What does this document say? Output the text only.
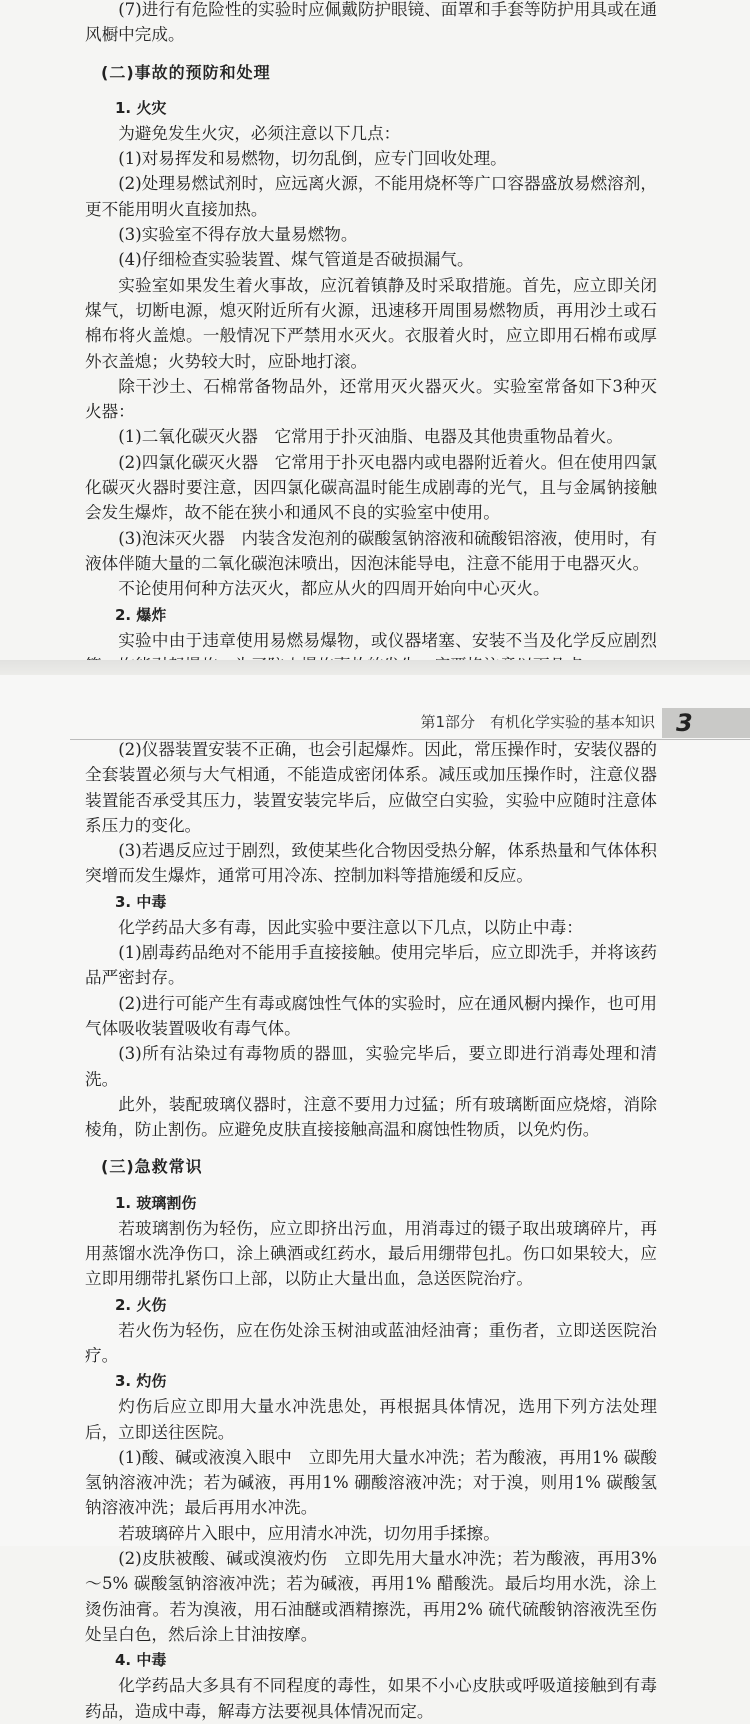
(7)进行有危险性的实验时应佩戴防护眼镜、面罩和手套等防护用具或在通风橱中完成。

(二)事故的预防和处理

1. 火灾

为避免发生火灾，必须注意以下几点：

(1)对易挥发和易燃物，切勿乱倒，应专门回收处理。

(2)处理易燃试剂时，应远离火源，不能用烧杯等广口容器盛放易燃溶剂，更不能用明火直接加热。

(3)实验室不得存放大量易燃物。

(4)仔细检查实验装置、煤气管道是否破损漏气。

实验室如果发生着火事故，应沉着镇静及时采取措施。首先，应立即关闭煤气，切断电源，熄灭附近所有火源，迅速移开周围易燃物质，再用沙土或石棉布将火盖熄。一般情况下严禁用水灭火。衣服着火时，应立即用石棉布或厚外衣盖熄；火势较大时，应卧地打滚。

除干沙土、石棉常备物品外，还常用灭火器灭火。实验室常备如下3种灭火器：

(1)二氧化碳灭火器　它常用于扑灭油脂、电器及其他贵重物品着火。

(2)四氯化碳灭火器　它常用于扑灭电器内或电器附近着火。但在使用四氯化碳灭火器时要注意，因四氯化碳高温时能生成剧毒的光气，且与金属钠接触会发生爆炸，故不能在狭小和通风不良的实验室中使用。

(3)泡沫灭火器　内装含发泡剂的碳酸氢钠溶液和硫酸铝溶液，使用时，有液体伴随大量的二氧化碳泡沫喷出，因泡沫能导电，注意不能用于电器灭火。

不论使用何种方法灭火，都应从火的四周开始向中心灭火。

2. 爆炸

实验中由于违章使用易燃易爆物，或仪器堵塞、安装不当及化学反应剧烈

第1部分　有机化学实验的基本知识 3

(2)仪器装置安装不正确，也会引起爆炸。因此，常压操作时，安装仪器的全套装置必须与大气相通，不能造成密闭体系。减压或加压操作时，注意仪器装置能否承受其压力，装置安装完毕后，应做空白实验，实验中应随时注意体系压力的变化。

(3)若遇反应过于剧烈，致使某些化合物因受热分解，体系热量和气体体积突增而发生爆炸，通常可用冷冻、控制加料等措施缓和反应。

3. 中毒

化学药品大多有毒，因此实验中要注意以下几点，以防止中毒：

(1)剧毒药品绝对不能用手直接接触。使用完毕后，应立即洗手，并将该药品严密封存。

(2)进行可能产生有毒或腐蚀性气体的实验时，应在通风橱内操作，也可用气体吸收装置吸收有毒气体。

(3)所有沾染过有毒物质的器皿，实验完毕后，要立即进行消毒处理和清洗。

此外，装配玻璃仪器时，注意不要用力过猛；所有玻璃断面应烧熔，消除棱角，防止割伤。应避免皮肤直接接触高温和腐蚀性物质，以免灼伤。

(三)急救常识

1. 玻璃割伤

若玻璃割伤为轻伤，应立即挤出污血，用消毒过的镊子取出玻璃碎片，再用蒸馏水洗净伤口，涂上碘酒或红药水，最后用绷带包扎。伤口如果较大，应立即用绷带扎紧伤口上部，以防止大量出血，急送医院治疗。

2. 火伤

若火伤为轻伤，应在伤处涂玉树油或蓝油烃油膏；重伤者，立即送医院治疗。

3. 灼伤

灼伤后应立即用大量水冲洗患处，再根据具体情况，选用下列方法处理后，立即送往医院。

(1)酸、碱或液溴入眼中　立即先用大量水冲洗；若为酸液，再用1% 碳酸氢钠溶液冲洗；若为碱液，再用1% 硼酸溶液冲洗；对于溴，则用1% 碳酸氢钠溶液冲洗；最后再用水冲洗。

若玻璃碎片入眼中，应用清水冲洗，切勿用手揉擦。

(2)皮肤被酸、碱或溴液灼伤　立即先用大量水冲洗；若为酸液，再用3% ～5% 碳酸氢钠溶液冲洗；若为碱液，再用1% 醋酸洗。最后均用水洗，涂上烫伤油膏。若为溴液，用石油醚或酒精擦洗，再用2% 硫代硫酸钠溶液洗至伤处呈白色，然后涂上甘油按摩。

4. 中毒

化学药品大多具有不同程度的毒性，如果不小心皮肤或呼吸道接触到有毒药品，造成中毒，解毒方法要视具体情况而定。
